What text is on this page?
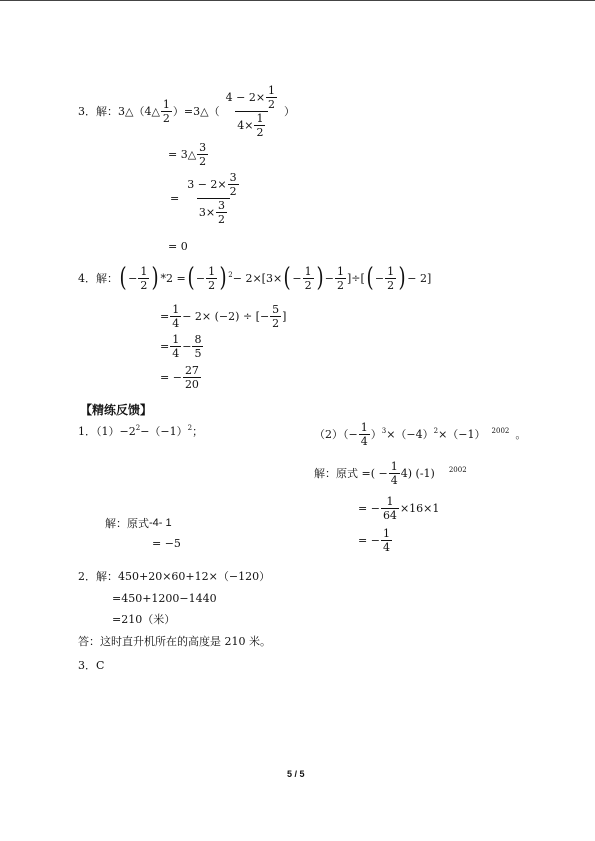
3．解：3△（4△ $\frac{1}{2}$ ）=3△（ $\frac{4 - 2\times \frac{1}{2}}{4\times \frac{1}{2}}$ ）
= 3△ $\frac{3}{2}$
= $\frac{3 - 2\times \frac{3}{2}}{3\times \frac{3}{2}}$
= 0
4．解： ( − $\frac{1}{2}$ ) *2 = ( − $\frac{1}{2}$ ) 2 − 2×[3× ( − $\frac{1}{2}$ ) − $\frac{1}{2}$ ]÷[ ( − $\frac{1}{2}$ ) − 2]
= $\frac{1}{4} - 2\times (-2)$ ÷ [− $\frac{5}{2}$ ]
= $\frac{1}{4} - \frac{8}{5}$
= − $\frac{27}{20}$
【精练反馈】
1．（1）−2 2 −（−1） 2 ；	$(2)(- \frac{1}{4}$ ） 3 ×（−4） 2 ×（−1） 2002 。
解：原式 = ( − $\frac{1}{4} 4$) (-1) 2002
= − $\frac{1}{64} \times 16\times 1$
= − $\frac{1}{4}$
解：原式 -4- 1
= −5
2．解：450+20×60+12×（−120）
=450+1200−1440
=210（米）
答：这时直升机所在的高度是 210 米。
3．C
5 / 5
